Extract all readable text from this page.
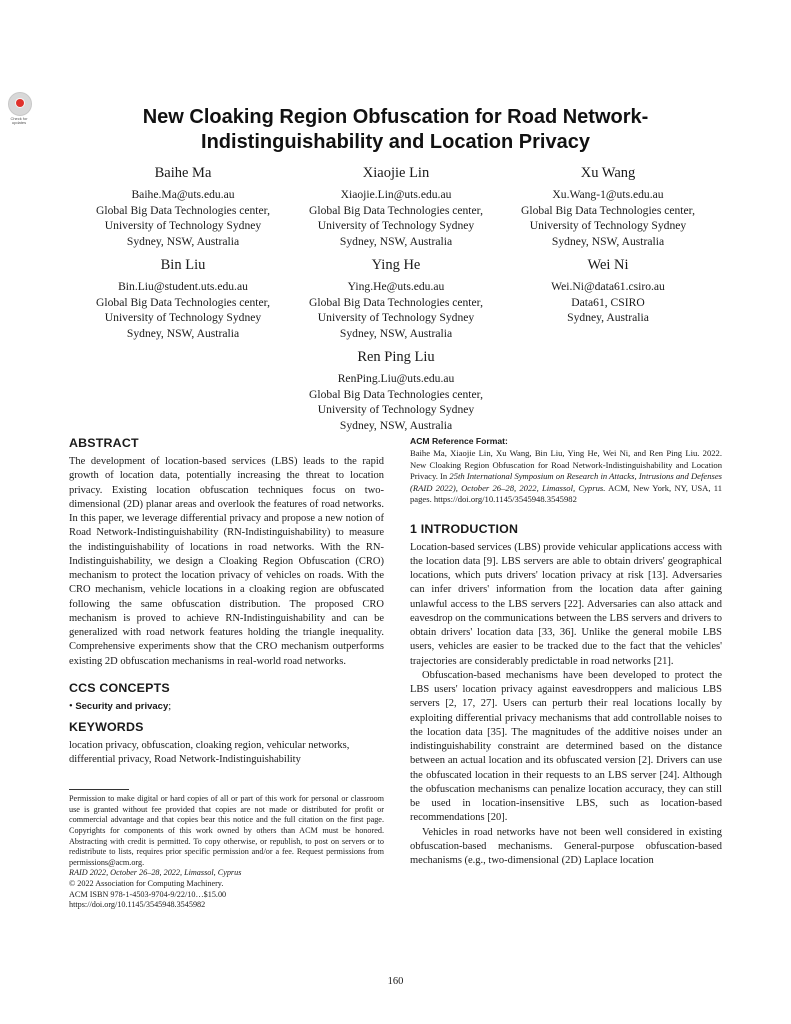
Check for updates	New Cloaking Region Obfuscation for Road Network-Indistinguishability and Location Privacy
Baihe Ma
Baihe.Ma@uts.edu.au
Global Big Data Technologies center,
University of Technology Sydney
Sydney, NSW, Australia
Xiaojie Lin
Xiaojie.Lin@uts.edu.au
Global Big Data Technologies center,
University of Technology Sydney
Sydney, NSW, Australia
Xu Wang
Xu.Wang-1@uts.edu.au
Global Big Data Technologies center,
University of Technology Sydney
Sydney, NSW, Australia
Bin Liu
Bin.Liu@student.uts.edu.au
Global Big Data Technologies center,
University of Technology Sydney
Sydney, NSW, Australia
Ying He
Ying.He@uts.edu.au
Global Big Data Technologies center,
University of Technology Sydney
Sydney, NSW, Australia
Wei Ni
Wei.Ni@data61.csiro.au
Data61, CSIRO
Sydney, Australia
Ren Ping Liu
RenPing.Liu@uts.edu.au
Global Big Data Technologies center,
University of Technology Sydney
Sydney, NSW, Australia
ABSTRACT

The development of location-based services (LBS) leads to the rapid growth of location data, potentially increasing the threat to location privacy. Existing location obfuscation techniques focus on two-dimensional (2D) planar areas and overlook the features of road networks. In this paper, we leverage differential privacy and propose a new notion of Road Network-Indistinguishability (RN-Indistinguishability) to measure the indistinguishability of locations in road networks. With the RN-Indistinguishability, we design a Cloaking Region Obfuscation (CRO) mechanism to protect the location privacy of vehicles on roads. With the CRO mechanism, vehicle locations in a cloaking region are obfuscated following the same obfuscation distribution. The proposed CRO mechanism is proved to achieve RN-Indistinguishability and can be generalized with road network features holding the triangle inequality. Comprehensive experiments show that the CRO mechanism outperforms existing 2D obfuscation mechanisms in real-world road networks.

CCS CONCEPTS

• Security and privacy;

KEYWORDS

location privacy, obfuscation, cloaking region, vehicular networks, differential privacy, Road Network-Indistinguishability

Permission to make digital or hard copies of all or part of this work for personal or classroom use is granted without fee provided that copies are not made or distributed for profit or commercial advantage and that copies bear this notice and the full citation on the first page. Copyrights for components of this work owned by others than ACM must be honored. Abstracting with credit is permitted. To copy otherwise, or republish, to post on servers or to redistribute to lists, requires prior specific permission and/or a fee. Request permissions from permissions@acm.org.

RAID 2022, October 26–28, 2022, Limassol, Cyprus

© 2022 Association for Computing Machinery.

ACM ISBN 978-1-4503-9704-9/22/10…$15.00

https://doi.org/10.1145/3545948.3545982

ACM Reference Format:

Baihe Ma, Xiaojie Lin, Xu Wang, Bin Liu, Ying He, Wei Ni, and Ren Ping Liu. 2022. New Cloaking Region Obfuscation for Road Network-Indistinguishability and Location Privacy. In 25th International Symposium on Research in Attacks, Intrusions and Defenses (RAID 2022), October 26–28, 2022, Limassol, Cyprus. ACM, New York, NY, USA, 11 pages. https://doi.org/10.1145/3545948.3545982

1 INTRODUCTION

Location-based services (LBS) provide vehicular applications access with the location data [9]. LBS servers are able to obtain drivers' geographical locations, which puts drivers' location privacy at risk [13]. Adversaries can infer drivers' information from the location data after gaining unlawful access to the LBS servers [22]. Adversaries can also attack and eavesdrop on the communications between the LBS servers and drivers to obtain drivers' location data [33, 36]. Unlike the general mobile LBS users, vehicles are easier to be tracked due to the fact that the vehicles' trajectories are considerably predictable in road networks [21].

Obfuscation-based mechanisms have been developed to protect the LBS users' location privacy against eavesdroppers and malicious LBS servers [2, 17, 27]. Users can perturb their real locations locally by exploiting differential privacy mechanisms that add controllable noises to the location data [35]. The magnitudes of the additive noises under an indistinguishability constraint are determined based on the distance between an actual location and its obfuscated version [2]. Drivers can use the obfuscated location in their requests to an LBS server [24]. Although the obfuscation mechanisms can penalize location accuracy, they can still be used in location-insensitive LBS, such as location-based recommendations [20].

Vehicles in road networks have not been well considered in existing obfuscation-based mechanisms. General-purpose obfuscation-based mechanisms (e.g., two-dimensional (2D) Laplace location

160
